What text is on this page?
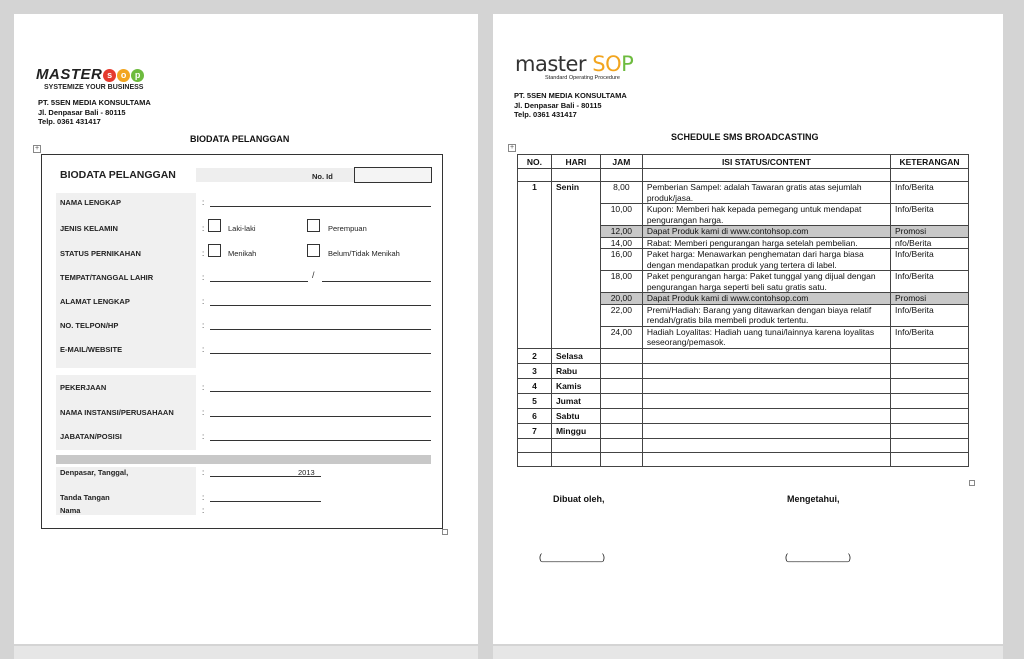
MASTER s o p
SYSTEMIZE YOUR BUSINESS
PT. 5SEN MEDIA KONSULTAMA
Jl. Denpasar Bali - 80115
Telp. 0361 431417
BIODATA PELANGGAN
+
BIODATA PELANGGAN	No. Id
NAMA LENGKAP	:
JENIS KELAMIN	:	Laki-laki	Perempuan
STATUS PERNIKAHAN	:	Menikah	Belum/Tidak Menikah
TEMPAT/TANGGAL LAHIR	:	/
ALAMAT LENGKAP	:
NO. TELPON/HP	:
E-MAIL/WEBSITE	:
PEKERJAAN	:
NAMA INSTANSI/PERUSAHAAN	:
JABATAN/POSISI	:
Denpasar, Tanggal,	:	2013
Tanda Tangan	:
Nama	:
master SOP
Standard Operating Procedure
PT. 5SEN MEDIA KONSULTAMA
Jl. Denpasar Bali - 80115
Telp. 0361 431417
SCHEDULE SMS BROADCASTING
+
NO.	HARI	JAM	ISI STATUS/CONTENT	KETERANGAN

1	Senin	8,00	Pemberian Sampel: adalah Tawaran gratis atas sejumlah produk/jasa.	Info/Berita
		10,00	Kupon: Memberi hak kepada pemegang untuk mendapat pengurangan harga.	Info/Berita
		12,00	Dapat Produk kami di www.contohsop.com	Promosi
		14,00	Rabat: Memberi pengurangan harga setelah pembelian.	nfo/Berita
		16,00	Paket harga: Menawarkan penghematan dari harga biasa dengan mendapatkan produk yang tertera di label.	Info/Berita
		18,00	Paket pengurangan harga: Paket tunggal yang dijual dengan pengurangan harga seperti beli satu gratis satu.	Info/Berita
		20,00	Dapat Produk kami di www.contohsop.com	Promosi
		22,00	Premi/Hadiah: Barang yang ditawarkan dengan biaya relatif rendah/gratis bila membeli produk tertentu.	Info/Berita
		24,00	Hadiah Loyalitas: Hadiah uang tunai/lainnya karena loyalitas seseorang/pemasok.	Info/Berita
2	Selasa			
3	Rabu			
4	Kamis			
5	Jumat			
6	Sabtu			
7	Minggu			

Dibuat oleh,	Mengetahui,
(____________)	(____________)
